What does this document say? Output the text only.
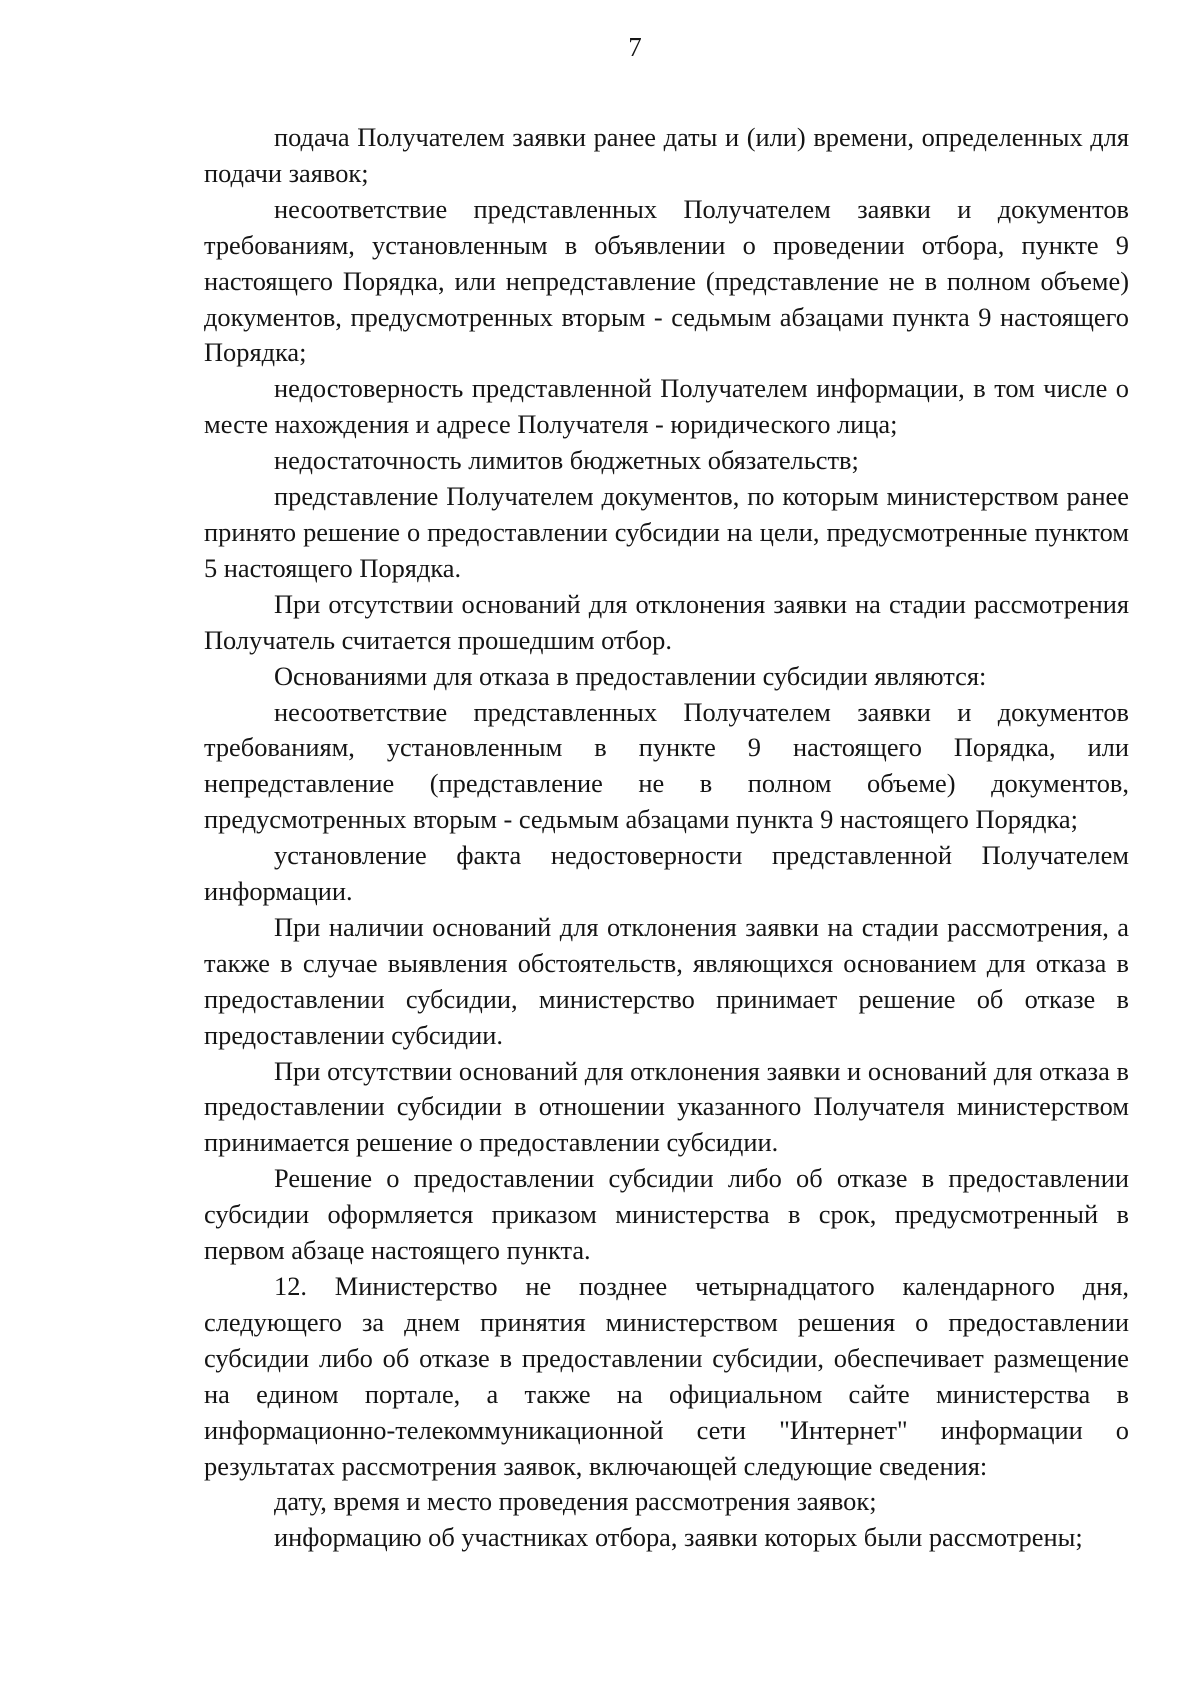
7

подача Получателем заявки ранее даты и (или) времени, определенных для подачи заявок;

несоответствие представленных Получателем заявки и документов требованиям, установленным в объявлении о проведении отбора, пункте 9 настоящего Порядка, или непредставление (представление не в полном объеме) документов, предусмотренных вторым - седьмым абзацами пункта 9 настоящего Порядка;

недостоверность представленной Получателем информации, в том числе о месте нахождения и адресе Получателя - юридического лица;

недостаточность лимитов бюджетных обязательств;

представление Получателем документов, по которым министерством ранее принято решение о предоставлении субсидии на цели, предусмотренные пунктом 5 настоящего Порядка.

При отсутствии оснований для отклонения заявки на стадии рассмотрения Получатель считается прошедшим отбор.

Основаниями для отказа в предоставлении субсидии являются:

несоответствие представленных Получателем заявки и документов требованиям, установленным в пункте 9 настоящего Порядка, или непредставление (представление не в полном объеме) документов, предусмотренных вторым - седьмым абзацами пункта 9 настоящего Порядка;

установление факта недостоверности представленной Получателем информации.

При наличии оснований для отклонения заявки на стадии рассмотрения, а также в случае выявления обстоятельств, являющихся основанием для отказа в предоставлении субсидии, министерство принимает решение об отказе в предоставлении субсидии.

При отсутствии оснований для отклонения заявки и оснований для отказа в предоставлении субсидии в отношении указанного Получателя министерством принимается решение о предоставлении субсидии.

Решение о предоставлении субсидии либо об отказе в предоставлении субсидии оформляется приказом министерства в срок, предусмотренный в первом абзаце настоящего пункта.

12. Министерство не позднее четырнадцатого календарного дня, следующего за днем принятия министерством решения о предоставлении субсидии либо об отказе в предоставлении субсидии, обеспечивает размещение на едином портале, а также на официальном сайте министерства в информационно-телекоммуникационной сети "Интернет" информации о результатах рассмотрения заявок, включающей следующие сведения:

дату, время и место проведения рассмотрения заявок;

информацию об участниках отбора, заявки которых были рассмотрены;
